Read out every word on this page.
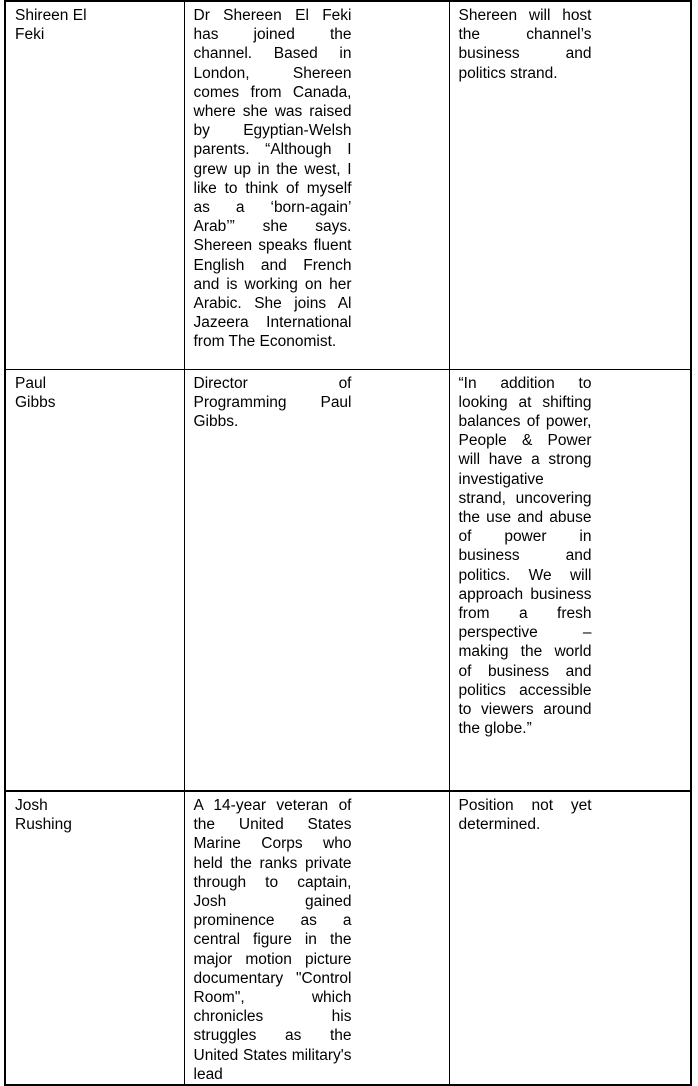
Shireen El Feki	Dr Shereen El Feki has joined the channel. Based in London, Shereen comes from Canada, where she was raised by Egyptian-Welsh parents. “Although I grew up in the west, I like to think of myself as a ‘born-again’ Arab’” she says. Shereen speaks fluent English and French and is working on her Arabic. She joins Al Jazeera International from The Economist.	Shereen will host the channel’s business and politics strand.

Paul Gibbs	Director of Programming Paul Gibbs.	“In addition to looking at shifting balances of power, People & Power will have a strong investigative strand, uncovering the use and abuse of power in business and politics. We will approach business from a fresh perspective – making the world of business and politics accessible to viewers around the globe.”

Josh Rushing	A 14-year veteran of the United States Marine Corps who held the ranks private through to captain, Josh gained prominence as a central figure in the major motion picture documentary "Control Room", which chronicles his struggles as the United States military's lead	Position not yet determined.
